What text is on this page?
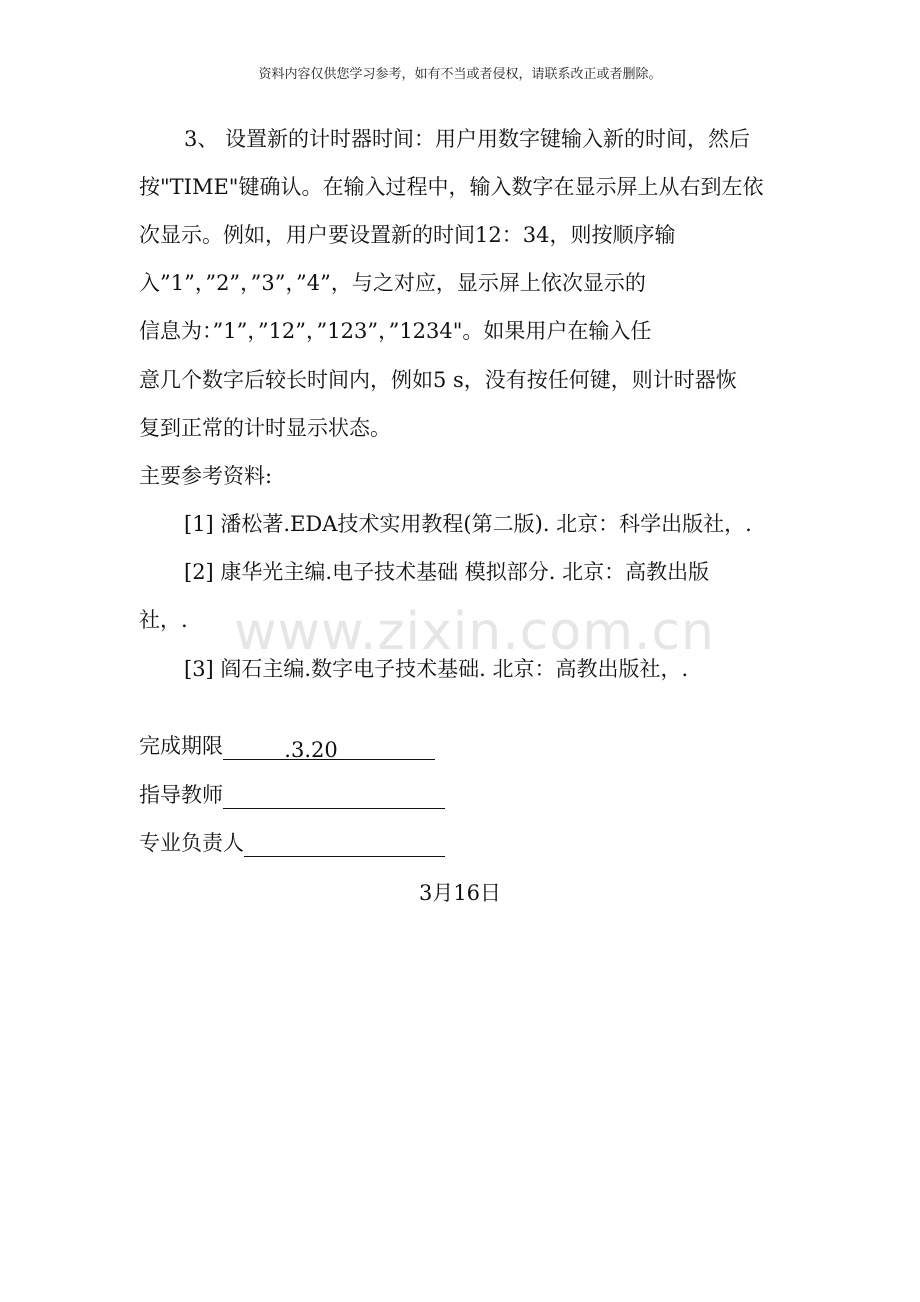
资料内容仅供您学习参考，如有不当或者侵权，请联系改正或者删除。
www.zixin.com.cn
3、 设置新的计时器时间：用户用数字键输入新的时间，然后
按"TIME"键确认。在输入过程中，输入数字在显示屏上从右到左依
次显示。例如，用户要设置新的时间12：34，则按顺序输
入”1”，”2”，”3”，”4”，与之对应，显示屏上依次显示的
信息为：”1”，”12”，”123”，”1234"。如果用户在输入任
意几个数字后较长时间内，例如5 s，没有按任何键，则计时器恢
复到正常的计时显示状态。
主要参考资料:
[1] 潘松著.EDA技术实用教程(第二版). 北京：科学出版社，.
[2] 康华光主编.电子技术基础 模拟部分. 北京：高教出版
社，.
[3] 阎石主编.数字电子技术基础. 北京：高教出版社，.
完成期限	.3.20
指导教师
专业负责人
3月16日
